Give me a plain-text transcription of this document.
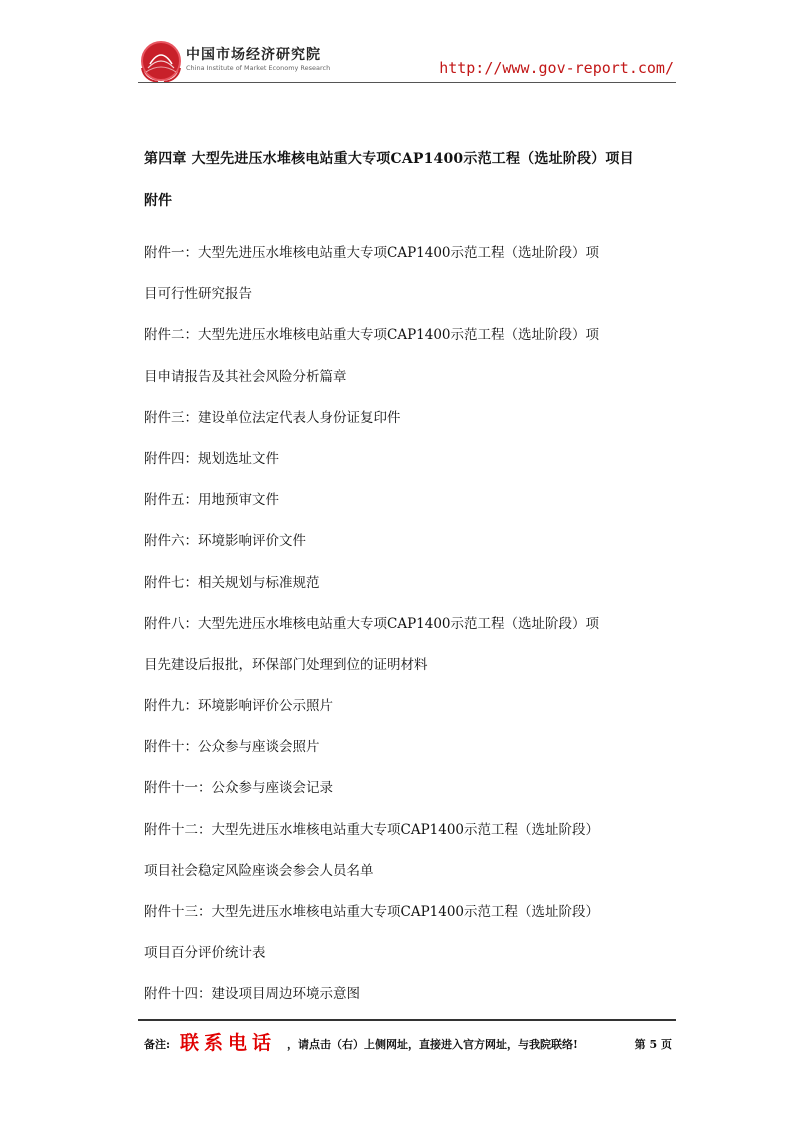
中国市场经济研究院
China Institute of Market Economy Research	http://www.gov-report.com/
第四章 大型先进压水堆核电站重大专项CAP1400示范工程（选址阶段）项目
附件
附件一：大型先进压水堆核电站重大专项CAP1400示范工程（选址阶段）项
目可行性研究报告
附件二：大型先进压水堆核电站重大专项CAP1400示范工程（选址阶段）项
目申请报告及其社会风险分析篇章
附件三：建设单位法定代表人身份证复印件
附件四：规划选址文件
附件五：用地预审文件
附件六：环境影响评价文件
附件七：相关规划与标准规范
附件八：大型先进压水堆核电站重大专项CAP1400示范工程（选址阶段）项
目先建设后报批，环保部门处理到位的证明材料
附件九：环境影响评价公示照片
附件十：公众参与座谈会照片
附件十一：公众参与座谈会记录
附件十二：大型先进压水堆核电站重大专项CAP1400示范工程（选址阶段）
项目社会稳定风险座谈会参会人员名单
附件十三：大型先进压水堆核电站重大专项CAP1400示范工程（选址阶段）
项目百分评价统计表
附件十四：建设项目周边环境示意图
备注: 联系电话 ，请点击（右）上侧网址，直接进入官方网址，与我院联络!	第 5 页
